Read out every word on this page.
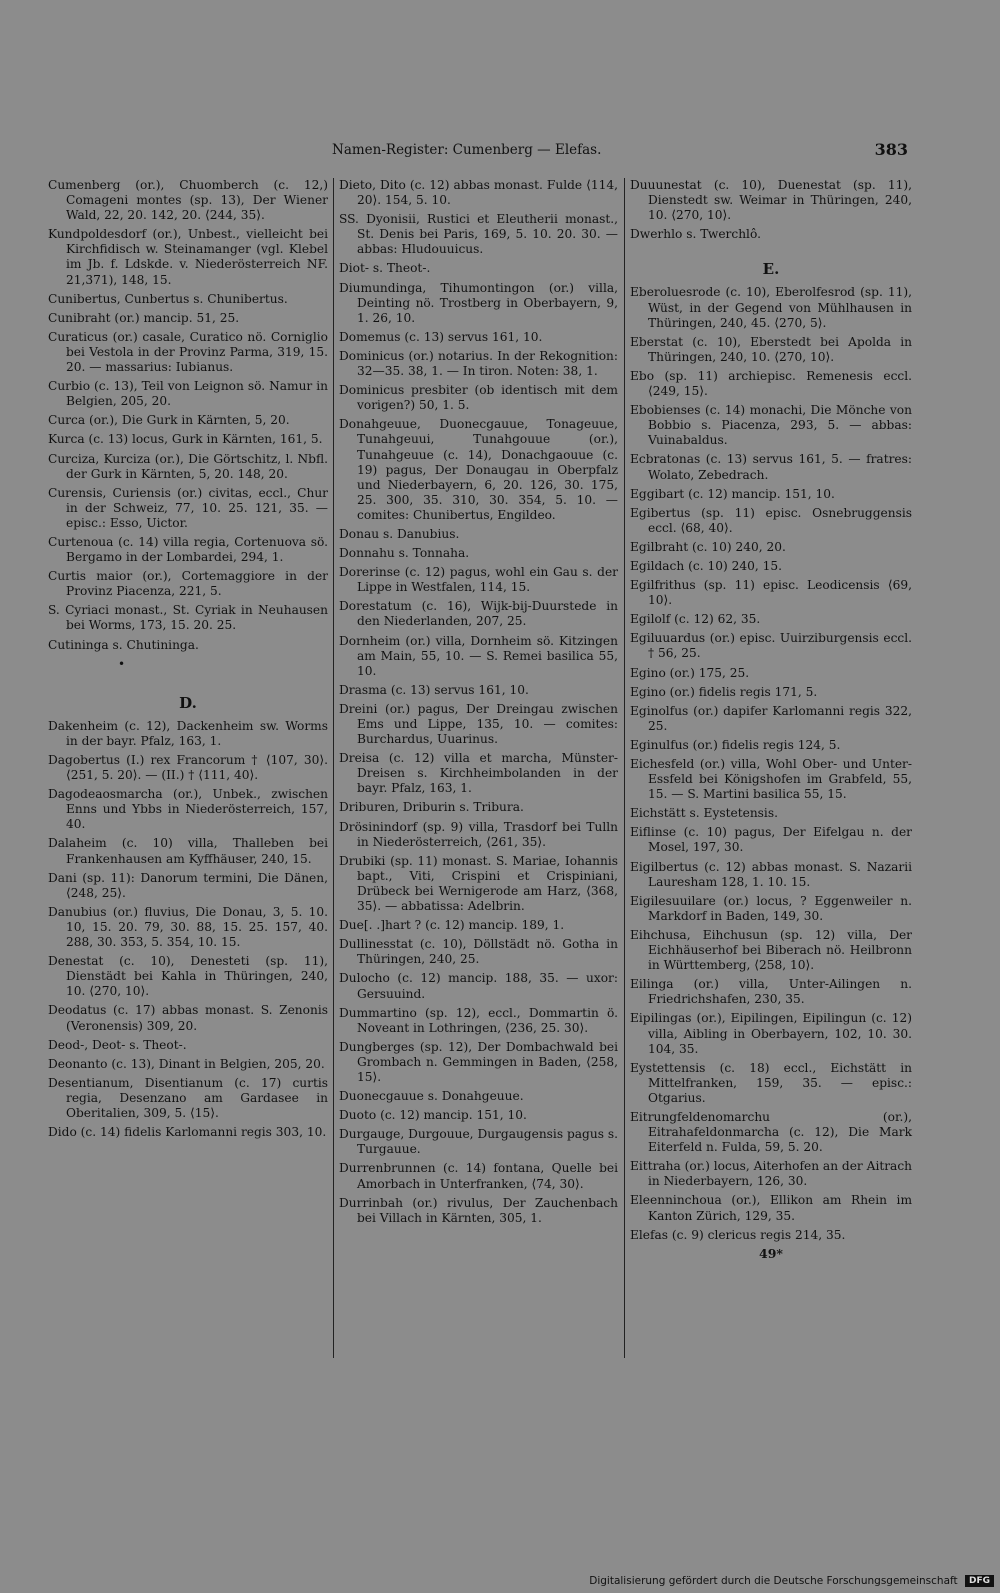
Namen-Register: Cumenberg — Elefas.	383

Cumenberg (or.), Chuomberch (c. 12,) Comageni montes (sp. 13), Der Wiener Wald, 22, 20. 142, 20. ⟨244, 35⟩.

Kundpoldesdorf (or.), Unbest., vielleicht bei Kirchfidisch w. Steinamanger (vgl. Klebel im Jb. f. Ldskde. v. Niederösterreich NF. 21,371), 148, 15.

Cunibertus, Cunbertus s. Chunibertus.

Cunibraht (or.) mancip. 51, 25.

Curaticus (or.) casale, Curatico nö. Corniglio bei Vestola in der Provinz Parma, 319, 15. 20. — massarius: Iubianus.

Curbio (c. 13), Teil von Leignon sö. Namur in Belgien, 205, 20.

Curca (or.), Die Gurk in Kärnten, 5, 20.

Kurca (c. 13) locus, Gurk in Kärnten, 161, 5.

Curciza, Kurciza (or.), Die Görtschitz, l. Nbfl. der Gurk in Kärnten, 5, 20. 148, 20.

Curensis, Curiensis (or.) civitas, eccl., Chur in der Schweiz, 77, 10. 25. 121, 35. — episc.: Esso, Uictor.

Curtenoua (c. 14) villa regia, Cortenuova sö. Bergamo in der Lombardei, 294, 1.

Curtis maior (or.), Cortemaggiore in der Provinz Piacenza, 221, 5.

S. Cyriaci monast., St. Cyriak in Neuhausen bei Worms, 173, 15. 20. 25.

Cutininga s. Chutininga.

•
D.

Dakenheim (c. 12), Dackenheim sw. Worms in der bayr. Pfalz, 163, 1.

Dagobertus (I.) rex Francorum † ⟨107, 30⟩. ⟨251, 5. 20⟩. — (II.) † ⟨111, 40⟩.

Dagodeaosmarcha (or.), Unbek., zwischen Enns und Ybbs in Niederösterreich, 157, 40.

Dalaheim (c. 10) villa, Thalleben bei Frankenhausen am Kyffhäuser, 240, 15.

Dani (sp. 11): Danorum termini, Die Dänen, ⟨248, 25⟩.

Danubius (or.) fluvius, Die Donau, 3, 5. 10. 10, 15. 20. 79, 30. 88, 15. 25. 157, 40. 288, 30. 353, 5. 354, 10. 15.

Denestat (c. 10), Denesteti (sp. 11), Dienstädt bei Kahla in Thüringen, 240, 10. ⟨270, 10⟩.

Deodatus (c. 17) abbas monast. S. Zenonis (Veronensis) 309, 20.

Deod-, Deot- s. Theot-.

Deonanto (c. 13), Dinant in Belgien, 205, 20.

Desentianum, Disentianum (c. 17) curtis regia, Desenzano am Gardasee in Oberitalien, 309, 5. ⟨15⟩.

Dido (c. 14) fidelis Karlomanni regis 303, 10.

Dieto, Dito (c. 12) abbas monast. Fulde ⟨114, 20⟩. 154, 5. 10.

SS. Dyonisii, Rustici et Eleutherii monast., St. Denis bei Paris, 169, 5. 10. 20. 30. — abbas: Hludouuicus.

Diot- s. Theot-.

Diumundinga, Tihumontingon (or.) villa, Deinting nö. Trostberg in Oberbayern, 9, 1. 26, 10.

Domemus (c. 13) servus 161, 10.

Dominicus (or.) notarius. In der Rekognition: 32—35. 38, 1. — In tiron. Noten: 38, 1.

Dominicus presbiter (ob identisch mit dem vorigen?) 50, 1. 5.

Donahgeuue, Duonecgauue, Tonageuue, Tunahgeuui, Tunahgouue (or.), Tunahgeuue (c. 14), Donachgaouue (c. 19) pagus, Der Donaugau in Oberpfalz und Niederbayern, 6, 20. 126, 30. 175, 25. 300, 35. 310, 30. 354, 5. 10. — comites: Chunibertus, Engildeo.

Donau s. Danubius.

Donnahu s. Tonnaha.

Dorerinse (c. 12) pagus, wohl ein Gau s. der Lippe in Westfalen, 114, 15.

Dorestatum (c. 16), Wijk-bij-Duurstede in den Niederlanden, 207, 25.

Dornheim (or.) villa, Dornheim sö. Kitzingen am Main, 55, 10. — S. Remei basilica 55, 10.

Drasma (c. 13) servus 161, 10.

Dreini (or.) pagus, Der Dreingau zwischen Ems und Lippe, 135, 10. — comites: Burchardus, Uuarinus.

Dreisa (c. 12) villa et marcha, Münster-Dreisen s. Kirchheimbolanden in der bayr. Pfalz, 163, 1.

Driburen, Driburin s. Tribura.

Drösinindorf (sp. 9) villa, Trasdorf bei Tulln in Niederösterreich, ⟨261, 35⟩.

Drubiki (sp. 11) monast. S. Mariae, Iohannis bapt., Viti, Crispini et Crispiniani, Drübeck bei Wernigerode am Harz, ⟨368, 35⟩. — abbatissa: Adelbrin.

Due[. .]hart ? (c. 12) mancip. 189, 1.

Dullinesstat (c. 10), Döllstädt nö. Gotha in Thüringen, 240, 25.

Dulocho (c. 12) mancip. 188, 35. — uxor: Gersuuind.

Dummartino (sp. 12), eccl., Dommartin ö. Noveant in Lothringen, ⟨236, 25. 30⟩.

Dungberges (sp. 12), Der Dombachwald bei Grombach n. Gemmingen in Baden, ⟨258, 15⟩.

Duonecgauue s. Donahgeuue.

Duoto (c. 12) mancip. 151, 10.

Durgauge, Durgouue, Durgaugensis pagus s. Turgauue.

Durrenbrunnen (c. 14) fontana, Quelle bei Amorbach in Unterfranken, ⟨74, 30⟩.

Durrinbah (or.) rivulus, Der Zauchenbach bei Villach in Kärnten, 305, 1.

Duuunestat (c. 10), Duenestat (sp. 11), Dienstedt sw. Weimar in Thüringen, 240, 10. ⟨270, 10⟩.

Dwerhlo s. Twerchlô.

E.

Eberoluesrode (c. 10), Eberolfesrod (sp. 11), Wüst, in der Gegend von Mühlhausen in Thüringen, 240, 45. ⟨270, 5⟩.

Eberstat (c. 10), Eberstedt bei Apolda in Thüringen, 240, 10. ⟨270, 10⟩.

Ebo (sp. 11) archiepisc. Remenesis eccl. ⟨249, 15⟩.

Ebobienses (c. 14) monachi, Die Mönche von Bobbio s. Piacenza, 293, 5. — abbas: Vuinabaldus.

Ecbratonas (c. 13) servus 161, 5. — fratres: Wolato, Zebedrach.

Eggibart (c. 12) mancip. 151, 10.

Egibertus (sp. 11) episc. Osnebruggensis eccl. ⟨68, 40⟩.

Egilbraht (c. 10) 240, 20.

Egildach (c. 10) 240, 15.

Egilfrithus (sp. 11) episc. Leodicensis ⟨69, 10⟩.

Egilolf (c. 12) 62, 35.

Egiluuardus (or.) episc. Uuirziburgensis eccl. † 56, 25.

Egino (or.) 175, 25.

Egino (or.) fidelis regis 171, 5.

Eginolfus (or.) dapifer Karlomanni regis 322, 25.

Eginulfus (or.) fidelis regis 124, 5.

Eichesfeld (or.) villa, Wohl Ober- und Unter-Essfeld bei Königshofen im Grabfeld, 55, 15. — S. Martini basilica 55, 15.

Eichstätt s. Eystetensis.

Eiflinse (c. 10) pagus, Der Eifelgau n. der Mosel, 197, 30.

Eigilbertus (c. 12) abbas monast. S. Nazarii Lauresham 128, 1. 10. 15.

Eigilesuuilare (or.) locus, ? Eggenweiler n. Markdorf in Baden, 149, 30.

Eihchusa, Eihchusun (sp. 12) villa, Der Eichhäuserhof bei Biberach nö. Heilbronn in Württemberg, ⟨258, 10⟩.

Eilinga (or.) villa, Unter-Ailingen n. Friedrichshafen, 230, 35.

Eipilingas (or.), Eipilingen, Eipilingun (c. 12) villa, Aibling in Oberbayern, 102, 10. 30. 104, 35.

Eystettensis (c. 18) eccl., Eichstätt in Mittelfranken, 159, 35. — episc.: Otgarius.

Eitrungfeldenomarchu (or.), Eitrahafeldonmarcha (c. 12), Die Mark Eiterfeld n. Fulda, 59, 5. 20.

Eittraha (or.) locus, Aiterhofen an der Aitrach in Niederbayern, 126, 30.

Eleenninchoua (or.), Ellikon am Rhein im Kanton Zürich, 129, 35.

Elefas (c. 9) clericus regis 214, 35.

49*
Digitalisierung gefördert durch die Deutsche Forschungsgemeinschaft DFG
